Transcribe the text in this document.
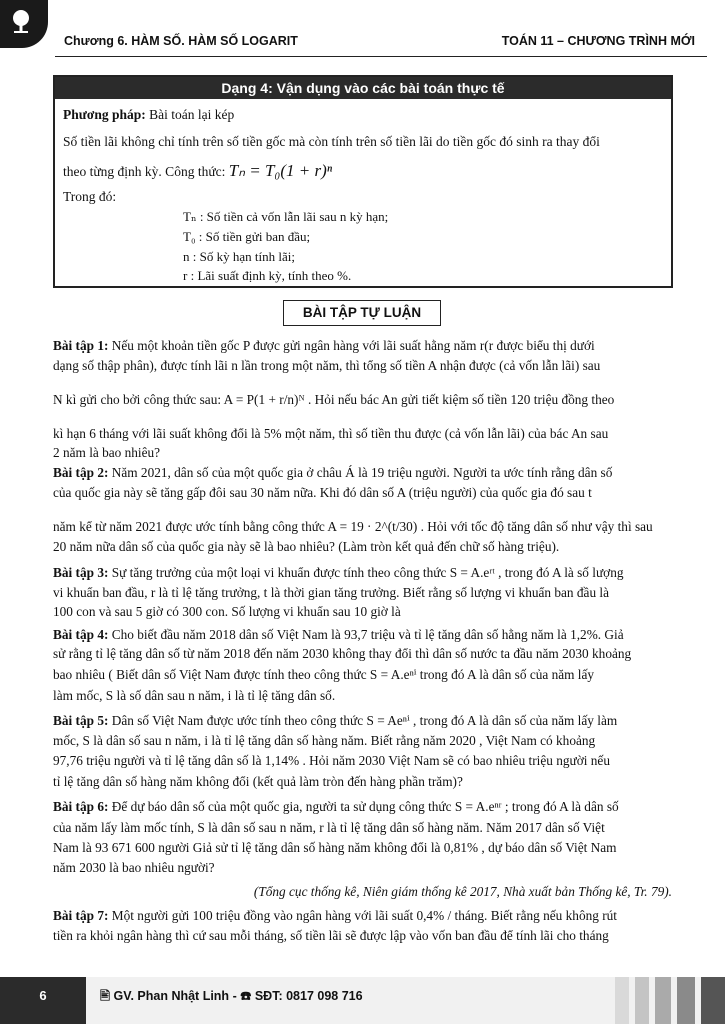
Chương 6. HÀM SỐ. HÀM SỐ LOGARIT	TOÁN 11 – CHƯƠNG TRÌNH MỚI
Dạng 4: Vận dụng vào các bài toán thực tế
Phương pháp: Bài toán lại kép
Số tiền lãi không chỉ tính trên số tiền gốc mà còn tính trên số tiền lãi do tiền gốc đó sinh ra thay đổi
theo từng định kỳ. Công thức: Tₙ = T₀(1 + r)ⁿ
Trong đó:
Tₙ : Số tiền cả vốn lẫn lãi sau n kỳ hạn;
T₀ : Số tiền gửi ban đầu;
n : Số kỳ hạn tính lãi;
r : Lãi suất định kỳ, tính theo %.
BÀI TẬP TỰ LUẬN
Bài tập 1: Nếu một khoản tiền gốc P được gửi ngân hàng với lãi suất hằng năm r(r được biểu thị dưới
dạng số thập phân), được tính lãi n lần trong một năm, thì tổng số tiền A nhận được (cả vốn lẫn lãi) sau
N kì gửi cho bởi công thức sau: A = P(1 + r/n)ᴺ . Hỏi nếu bác An gửi tiết kiệm số tiền 120 triệu đồng theo
kì hạn 6 tháng với lãi suất không đổi là 5% một năm, thì số tiền thu được (cả vốn lẫn lãi) của bác An sau
2 năm là bao nhiêu?
Bài tập 2: Năm 2021, dân số của một quốc gia ở châu Á là 19 triệu người. Người ta ước tính rằng dân số
của quốc gia này sẽ tăng gấp đôi sau 30 năm nữa. Khi đó dân số A (triệu người) của quốc gia đó sau t
năm kể từ năm 2021 được ước tính bằng công thức A = 19 · 2^(t/30) . Hỏi với tốc độ tăng dân số như vậy thì sau
20 năm nữa dân số của quốc gia này sẽ là bao nhiêu? (Làm tròn kết quả đến chữ số hàng triệu).
Bài tập 3: Sự tăng trưởng của một loại vi khuẩn được tính theo công thức S = A.eʳᵗ , trong đó A là số lượng
vi khuẩn ban đầu, r là tỉ lệ tăng trưởng, t là thời gian tăng trưởng. Biết rằng số lượng vi khuẩn ban đầu là
100 con và sau 5 giờ có 300 con. Số lượng vi khuẩn sau 10 giờ là
Bài tập 4: Cho biết đầu năm 2018 dân số Việt Nam là 93,7 triệu và tỉ lệ tăng dân số hằng năm là 1,2%. Giả
sử rằng tỉ lệ tăng dân số từ năm 2018 đến năm 2030 không thay đổi thì dân số nước ta đầu năm 2030 khoảng
bao nhiêu ( Biết dân số Việt Nam được tính theo công thức S = A.eⁿⁱ trong đó A là dân số của năm lấy
làm mốc, S là số dân sau n năm, i là tỉ lệ tăng dân số.
Bài tập 5: Dân số Việt Nam được ước tính theo công thức S = Aeⁿⁱ , trong đó A là dân số của năm lấy làm
mốc, S là dân số sau n năm, i là tỉ lệ tăng dân số hàng năm. Biết rằng năm 2020 , Việt Nam có khoảng
97,76 triệu người và tỉ lệ tăng dân số là 1,14% . Hỏi năm 2030 Việt Nam sẽ có bao nhiêu triệu người nếu
tỉ lệ tăng dân số hàng năm không đổi (kết quả làm tròn đến hàng phần trăm)?
Bài tập 6: Để dự báo dân số của một quốc gia, người ta sử dụng công thức S = A.eⁿʳ ; trong đó A là dân số
của năm lấy làm mốc tính, S là dân số sau n năm, r là tỉ lệ tăng dân số hàng năm. Năm 2017 dân số Việt
Nam là 93 671 600 người Giả sử tỉ lệ tăng dân số hàng năm không đổi là 0,81% , dự báo dân số Việt Nam
năm 2030 là bao nhiêu người?
Bài tập 7: Một người gửi 100 triệu đồng vào ngân hàng với lãi suất 0,4% / tháng. Biết rằng nếu không rút
tiền ra khỏi ngân hàng thì cứ sau mỗi tháng, số tiền lãi sẽ được lập vào vốn ban đầu để tính lãi cho tháng
(Tổng cục thống kê, Niên giám thống kê 2017, Nhà xuất bản Thống kê, Tr. 79).
6	🖹 GV. Phan Nhật Linh - ☎ SĐT: 0817 098 716
